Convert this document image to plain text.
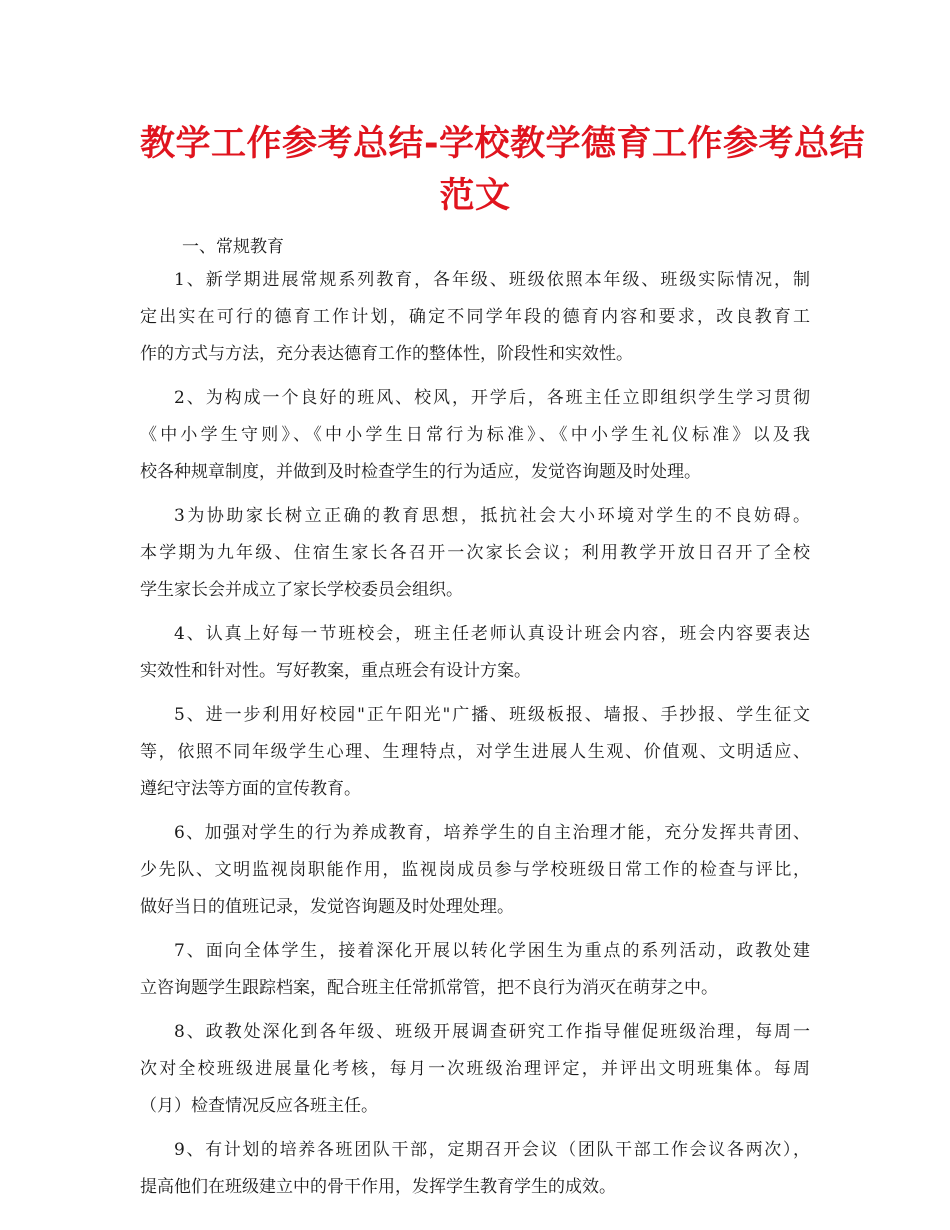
教学工作参考总结-学校教学德育工作参考总结
范文

一、常规教育

1、新学期进展常规系列教育，各年级、班级依照本年级、班级实际情况，制
定出实在可行的德育工作计划，确定不同学年段的德育内容和要求，改良教育工
作的方式与方法，充分表达德育工作的整体性，阶段性和实效性。

2、为构成一个良好的班风、校风，开学后，各班主任立即组织学生学习贯彻
《中小学生守则》、《中小学生日常行为标准》、《中小学生礼仪标准》以及我
校各种规章制度，并做到及时检查学生的行为适应，发觉咨询题及时处理。

3为协助家长树立正确的教育思想，抵抗社会大小环境对学生的不良妨碍。
本学期为九年级、住宿生家长各召开一次家长会议；利用教学开放日召开了全校
学生家长会并成立了家长学校委员会组织。

4、认真上好每一节班校会，班主任老师认真设计班会内容，班会内容要表达
实效性和针对性。写好教案，重点班会有设计方案。

5、进一步利用好校园"正午阳光"广播、班级板报、墙报、手抄报、学生征文
等，依照不同年级学生心理、生理特点，对学生进展人生观、价值观、文明适应、
遵纪守法等方面的宣传教育。

6、加强对学生的行为养成教育，培养学生的自主治理才能，充分发挥共青团、
少先队、文明监视岗职能作用，监视岗成员参与学校班级日常工作的检查与评比，
做好当日的值班记录，发觉咨询题及时处理处理。

7、面向全体学生，接着深化开展以转化学困生为重点的系列活动，政教处建
立咨询题学生跟踪档案，配合班主任常抓常管，把不良行为消灭在萌芽之中。

8、政教处深化到各年级、班级开展调查研究工作指导催促班级治理，每周一
次对全校班级进展量化考核，每月一次班级治理评定，并评出文明班集体。每周
（月）检查情况反应各班主任。

9、有计划的培养各班团队干部，定期召开会议（团队干部工作会议各两次），
提高他们在班级建立中的骨干作用，发挥学生教育学生的成效。
